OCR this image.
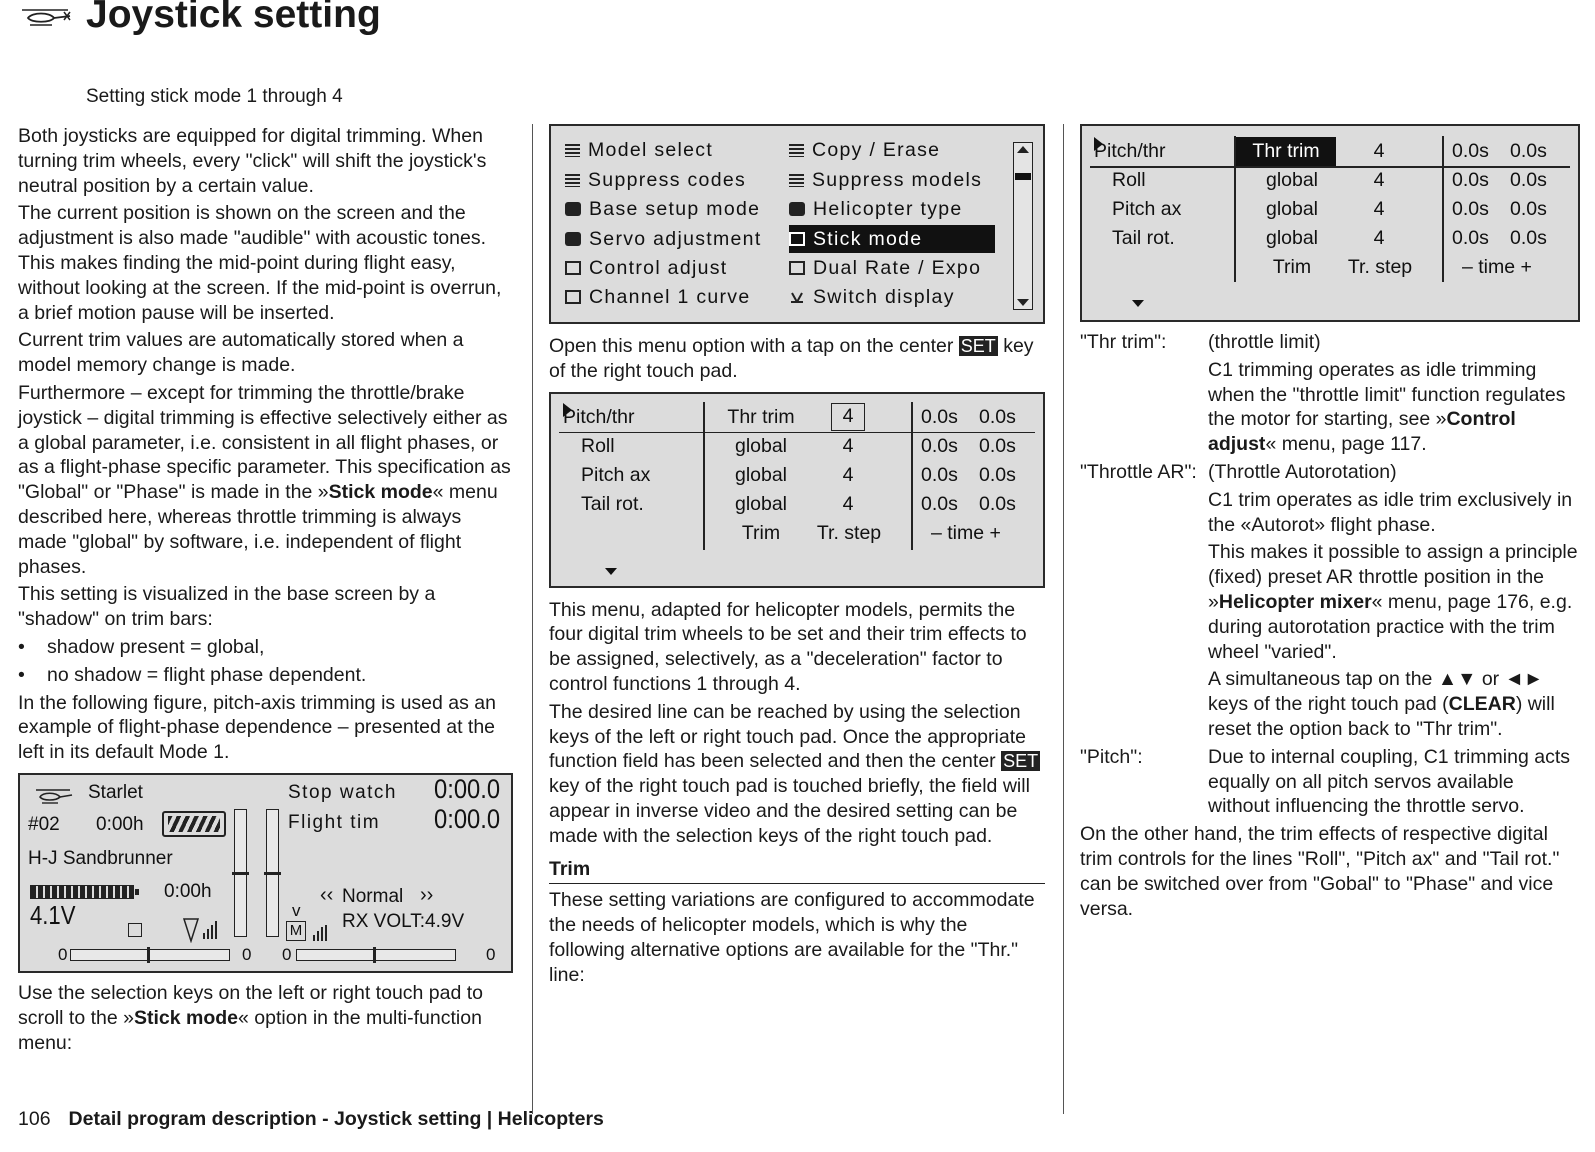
Joystick setting
Setting stick mode 1 through 4

Both joysticks are equipped for digital trimming. When turning trim wheels, every "click" will shift the joystick's neutral position by a certain value.

The current position is shown on the screen and the adjustment is also made "audible" with acoustic tones. This makes finding the mid-point during flight easy, without looking at the screen. If the mid-point is overrun, a brief motion pause will be inserted.

Current trim values are automatically stored when a model memory change is made.

Furthermore – except for trimming the throttle/brake joystick – digital trimming is effective selectively either as a global parameter, i.e. consistent in all flight phases, or as a flight-phase specific parameter. This specification as "Global" or "Phase" is made in the »Stick mode« menu described here, whereas throttle trimming is always made "global" by software, i.e. independent of flight phases.

This setting is visualized in the base screen by a "shadow" on trim bars:

•	shadow present = global,
•	no shadow = flight phase dependent.

In the following figure, pitch-axis trimming is used as an example of flight-phase dependence – presented at the left in its default Mode 1.

Starlet
#02 0:00h
H-J Sandbrunner
0:00h
4.1V
Stop watch 0:00.0
Flight tim 0:00.0
‹‹ Normal ››
v
RX VOLT:4.9V
M
0	0 0	0

Use the selection keys on the left or right touch pad to scroll to the »Stick mode« option in the multi-function menu:

Model select
Suppress codes
Base setup mode
Servo adjustment
Control adjust
Channel 1 curve
Copy / Erase
Suppress models
Helicopter type
Stick mode
Dual Rate / Expo
Switch display

Open this menu option with a tap on the center SET key of the right touch pad.

Pitch/thr	Thr trim	4	0.0s 0.0s
Roll	global	4	0.0s 0.0s
Pitch ax	global	4	0.0s 0.0s
Tail rot.	global	4	0.0s 0.0s
Trim	Tr. step	– time +

This menu, adapted for helicopter models, permits the four digital trim wheels to be set and their trim effects to be assigned, selectively, as a "deceleration" factor to control functions 1 through 4.

The desired line can be reached by using the selection keys of the left or right touch pad. Once the appropriate function field has been selected and then the center SET key of the right touch pad is touched briefly, the field will appear in inverse video and the desired setting can be made with the selection keys of the right touch pad.

Trim

These setting variations are configured to accommodate the needs of helicopter models, which is why the following alternative options are available for the "Thr." line:

Pitch/thr	Thr trim	4	0.0s 0.0s
Roll	global	4	0.0s 0.0s
Pitch ax	global	4	0.0s 0.0s
Tail rot.	global	4	0.0s 0.0s
Trim	Tr. step	– time +
"Thr trim":	(throttle limit)

C1 trimming operates as idle trimming when the "throttle limit" function regulates the motor for starting, see »Control adjust« menu, page 117.

"Throttle AR": (Throttle Autorotation)

C1 trim operates as idle trim exclusively in the «Autorot» flight phase.

This makes it possible to assign a principle (fixed) preset AR throttle position in the »Helicopter mixer« menu, page 176, e.g. during autorotation practice with the trim wheel "varied".

A simultaneous tap on the ▲▼ or ◄► keys of the right touch pad (CLEAR) will reset the option back to "Thr trim".

"Pitch":	Due to internal coupling, C1 trimming acts equally on all pitch servos available without influencing the throttle servo.

On the other hand, the trim effects of respective digital trim controls for the lines "Roll", "Pitch ax" and "Tail rot." can be switched over from "Gobal" to "Phase" and vice versa.

106 Detail program description - Joystick setting | Helicopters
